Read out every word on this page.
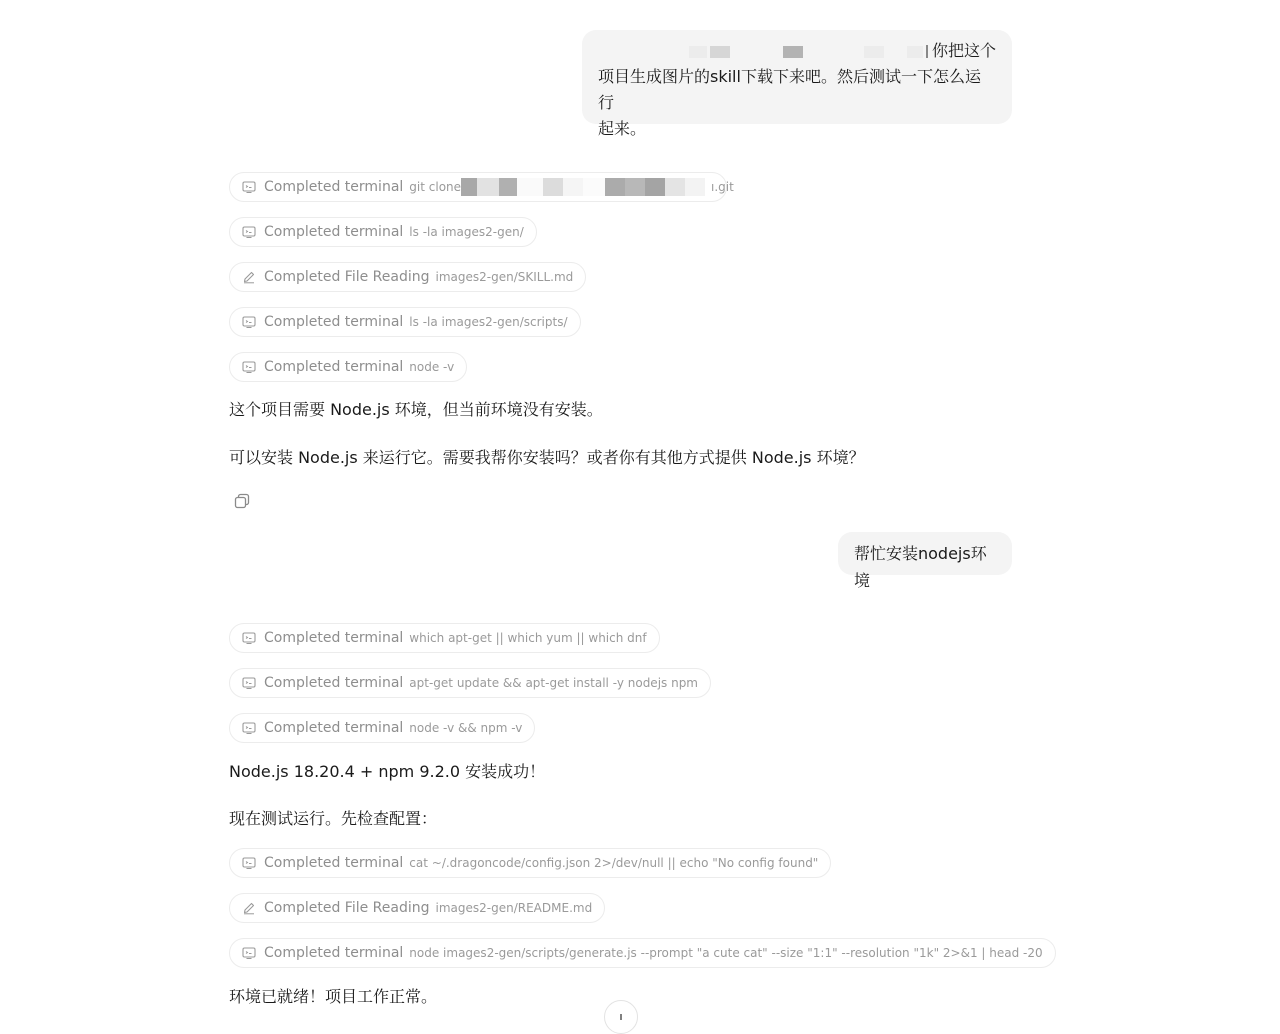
你把这个
项目生成图片的skill下载下来吧。然后测试一下怎么运行
起来。
Completed terminal git clone	ı.git
Completed terminal ls -la images2-gen/
Completed File Reading images2-gen/SKILL.md
Completed terminal ls -la images2-gen/scripts/
Completed terminal node -v
这个项目需要 Node.js 环境，但当前环境没有安装。
可以安装 Node.js 来运行它。需要我帮你安装吗？或者你有其他方式提供 Node.js 环境？
帮忙安装nodejs环境
Completed terminal which apt-get || which yum || which dnf
Completed terminal apt-get update && apt-get install -y nodejs npm
Completed terminal node -v && npm -v
Node.js 18.20.4 + npm 9.2.0 安装成功！
现在测试运行。先检查配置：
Completed terminal cat ~/.dragoncode/config.json 2>/dev/null || echo "No config found"
Completed File Reading images2-gen/README.md
Completed terminal node images2-gen/scripts/generate.js --prompt "a cute cat" --size "1:1" --resolution "1k" 2>&1 | head -20
环境已就绪！项目工作正常。
